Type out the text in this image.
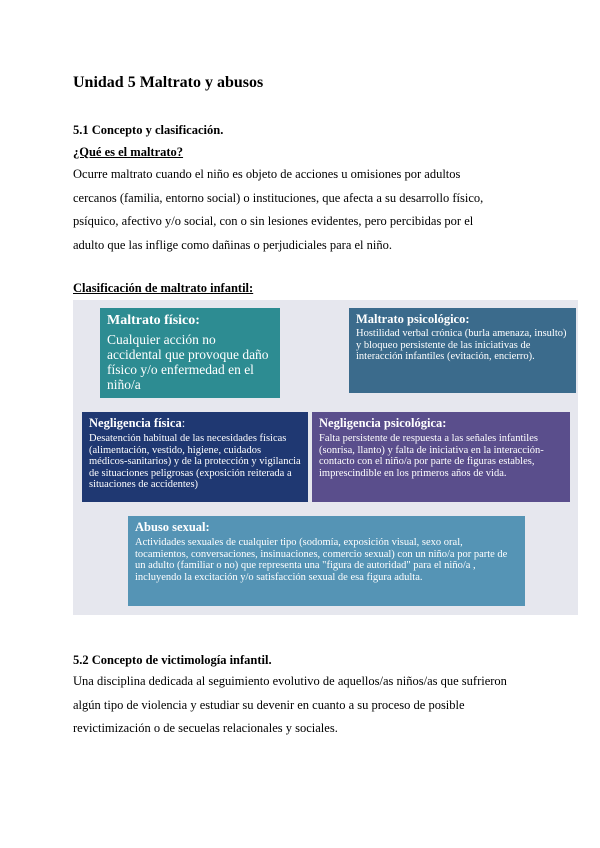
Unidad 5 Maltrato y abusos
5.1 Concepto y clasificación.
¿Qué es el maltrato?
Ocurre maltrato cuando el niño es objeto de acciones u omisiones por adultos
cercanos (familia, entorno social) o instituciones, que afecta a su desarrollo físico,
psíquico, afectivo y/o social, con o sin lesiones evidentes, pero percibidas por el
adulto que las inflige como dañinas o perjudiciales para el niño.
Clasificación de maltrato infantil:
Maltrato físico:
Cualquier acción no accidental que provoque daño físico y/o enfermedad en el niño/a
Maltrato psicológico:
Hostilidad verbal crónica (burla amenaza, insulto) y bloqueo persistente de las iniciativas de interacción infantiles (evitación, encierro).
Negligencia física:
Desatención habitual de las necesidades físicas (alimentación, vestido, higiene, cuidados médicos-sanitarios) y de la protección y vigilancia de situaciones peligrosas (exposición reiterada a situaciones de accidentes)
Negligencia psicológica:
Falta persistente de respuesta a las señales infantiles (sonrisa, llanto) y falta de iniciativa en la interacción-contacto con el niño/a por parte de figuras estables, imprescindible en los primeros años de vida.
Abuso sexual:
Actividades sexuales de cualquier tipo (sodomía, exposición visual, sexo oral, tocamientos, conversaciones, insinuaciones, comercio sexual) con un niño/a por parte de un adulto (familiar o no) que representa una "figura de autoridad" para el niño/a , incluyendo la excitación y/o satisfacción sexual de esa figura adulta.
5.2 Concepto de victimología infantil.
Una disciplina dedicada al seguimiento evolutivo de aquellos/as niños/as que sufrieron
algún tipo de violencia y estudiar su devenir en cuanto a su proceso de posible
revictimización o de secuelas relacionales y sociales.
